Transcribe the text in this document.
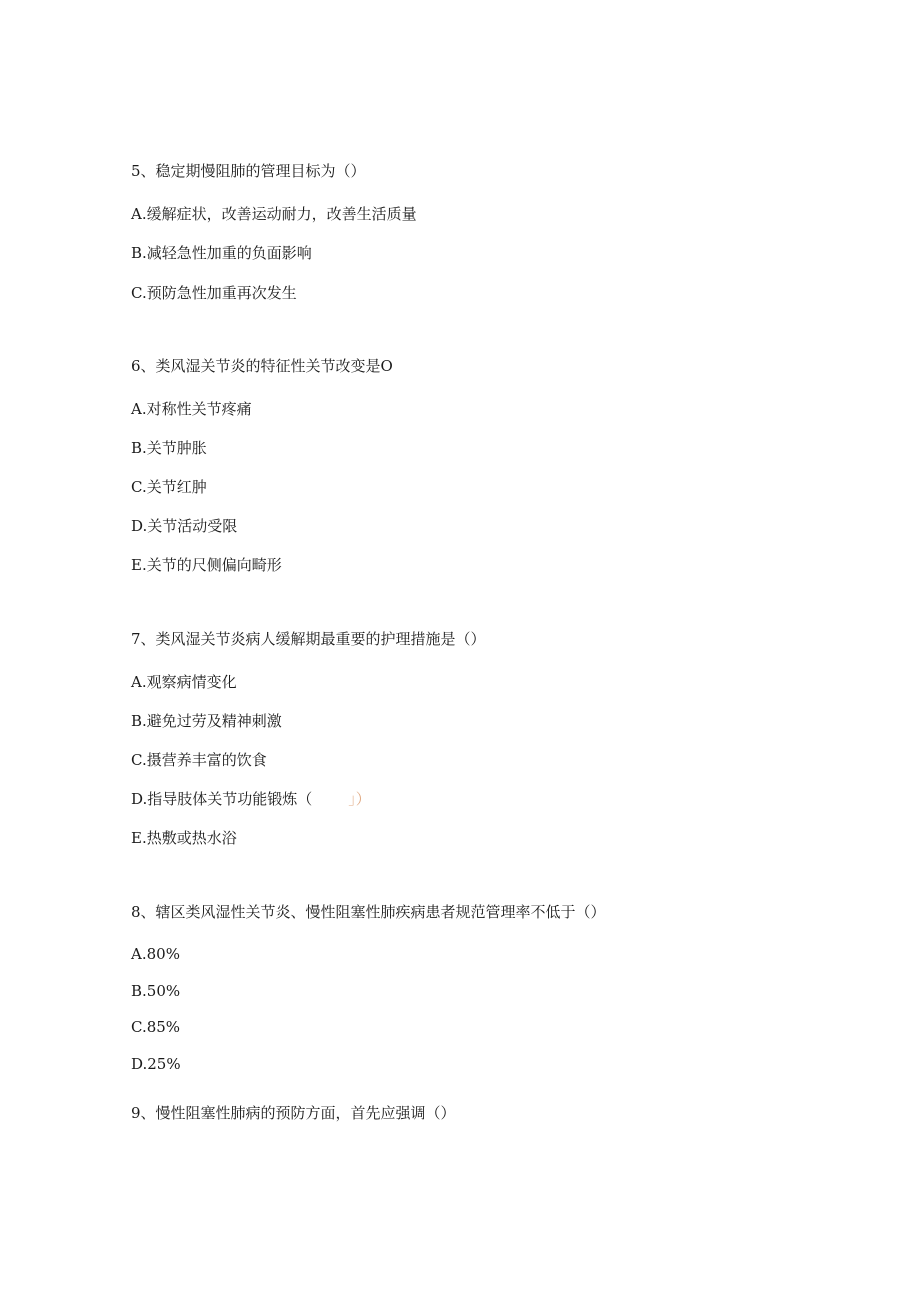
5、稳定期慢阻肺的管理目标为（）
A.缓解症状，改善运动耐力，改善生活质量
B.减轻急性加重的负面影响
C.预防急性加重再次发生
6、类风湿关节炎的特征性关节改变是O
A.对称性关节疼痛
B.关节肿胀
C.关节红肿
D.关节活动受限
E.关节的尺侧偏向畸形
7、类风湿关节炎病人缓解期最重要的护理措施是（）
A.观察病情变化
B.避免过劳及精神刺激
C.摄营养丰富的饮食
D.指导肢体关节功能锻炼（ 」）
E.热敷或热水浴
8、辖区类风湿性关节炎、慢性阻塞性肺疾病患者规范管理率不低于（）
A.80%
B.50%
C.85%
D.25%
9、慢性阻塞性肺病的预防方面，首先应强调（）
